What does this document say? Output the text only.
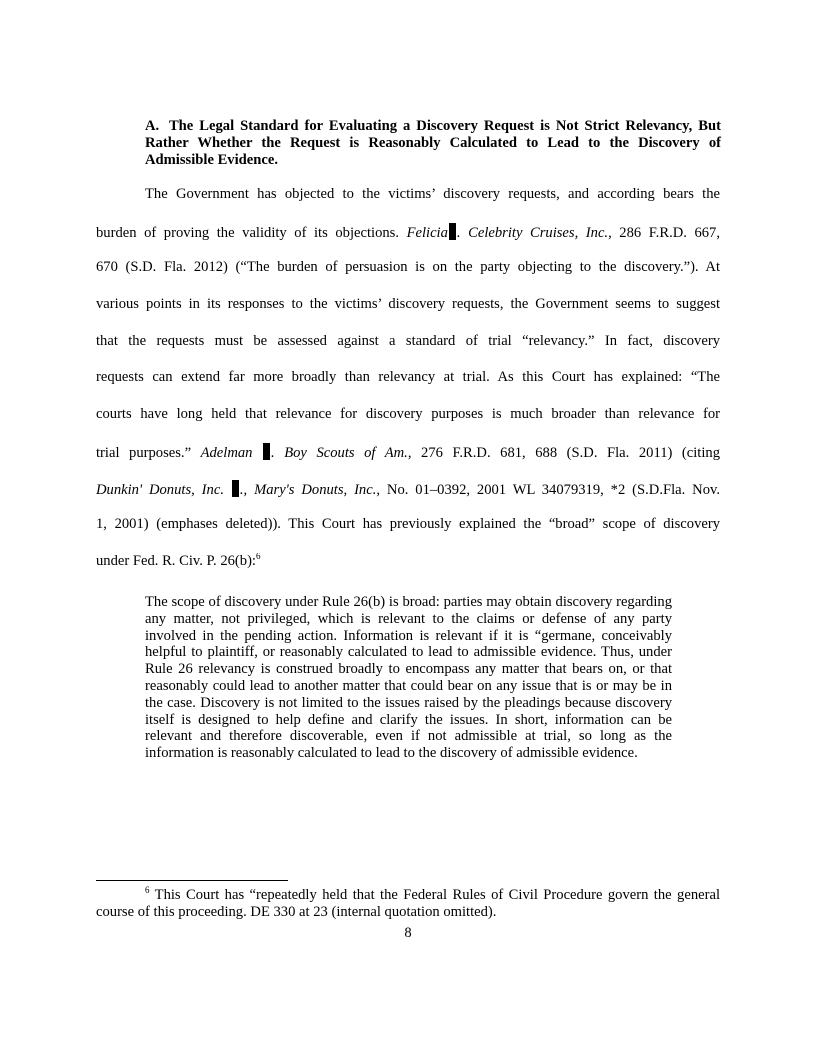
A. The Legal Standard for Evaluating a Discovery Request is Not Strict Relevancy, But Rather Whether the Request is Reasonably Calculated to Lead to the Discovery of Admissible Evidence.

The Government has objected to the victims’ discovery requests, and according bears the
burden of proving the validity of its objections. Felicia . Celebrity Cruises, Inc., 286 F.R.D. 667,
670 (S.D. Fla. 2012) (“The burden of persuasion is on the party objecting to the discovery.”). At
various points in its responses to the victims’ discovery requests, the Government seems to suggest
that the requests must be assessed against a standard of trial “relevancy.” In fact, discovery
requests can extend far more broadly than relevancy at trial. As this Court has explained: “The
courts have long held that relevance for discovery purposes is much broader than relevance for
trial purposes.” Adelman . Boy Scouts of Am., 276 F.R.D. 681, 688 (S.D. Fla. 2011) (citing
Dunkin' Donuts, Inc. ., Mary's Donuts, Inc., No. 01–0392, 2001 WL 34079319, *2 (S.D.Fla. Nov.
1, 2001) (emphases deleted)). This Court has previously explained the “broad” scope of discovery
under Fed. R. Civ. P. 26(b):$^6$

The scope of discovery under Rule 26(b) is broad: parties may obtain discovery regarding any matter, not privileged, which is relevant to the claims or defense of any party involved in the pending action. Information is relevant if it is “germane, conceivably helpful to plaintiff, or reasonably calculated to lead to admissible evidence. Thus, under Rule 26 relevancy is construed broadly to encompass any matter that bears on, or that reasonably could lead to another matter that could bear on any issue that is or may be in the case. Discovery is not limited to the issues raised by the pleadings because discovery itself is designed to help define and clarify the issues. In short, information can be relevant and therefore discoverable, even if not admissible at trial, so long as the information is reasonably calculated to lead to the discovery of admissible evidence.

$^6$ This Court has “repeatedly held that the Federal Rules of Civil Procedure govern the general course of this proceeding. DE 330 at 23 (internal quotation omitted).

8
